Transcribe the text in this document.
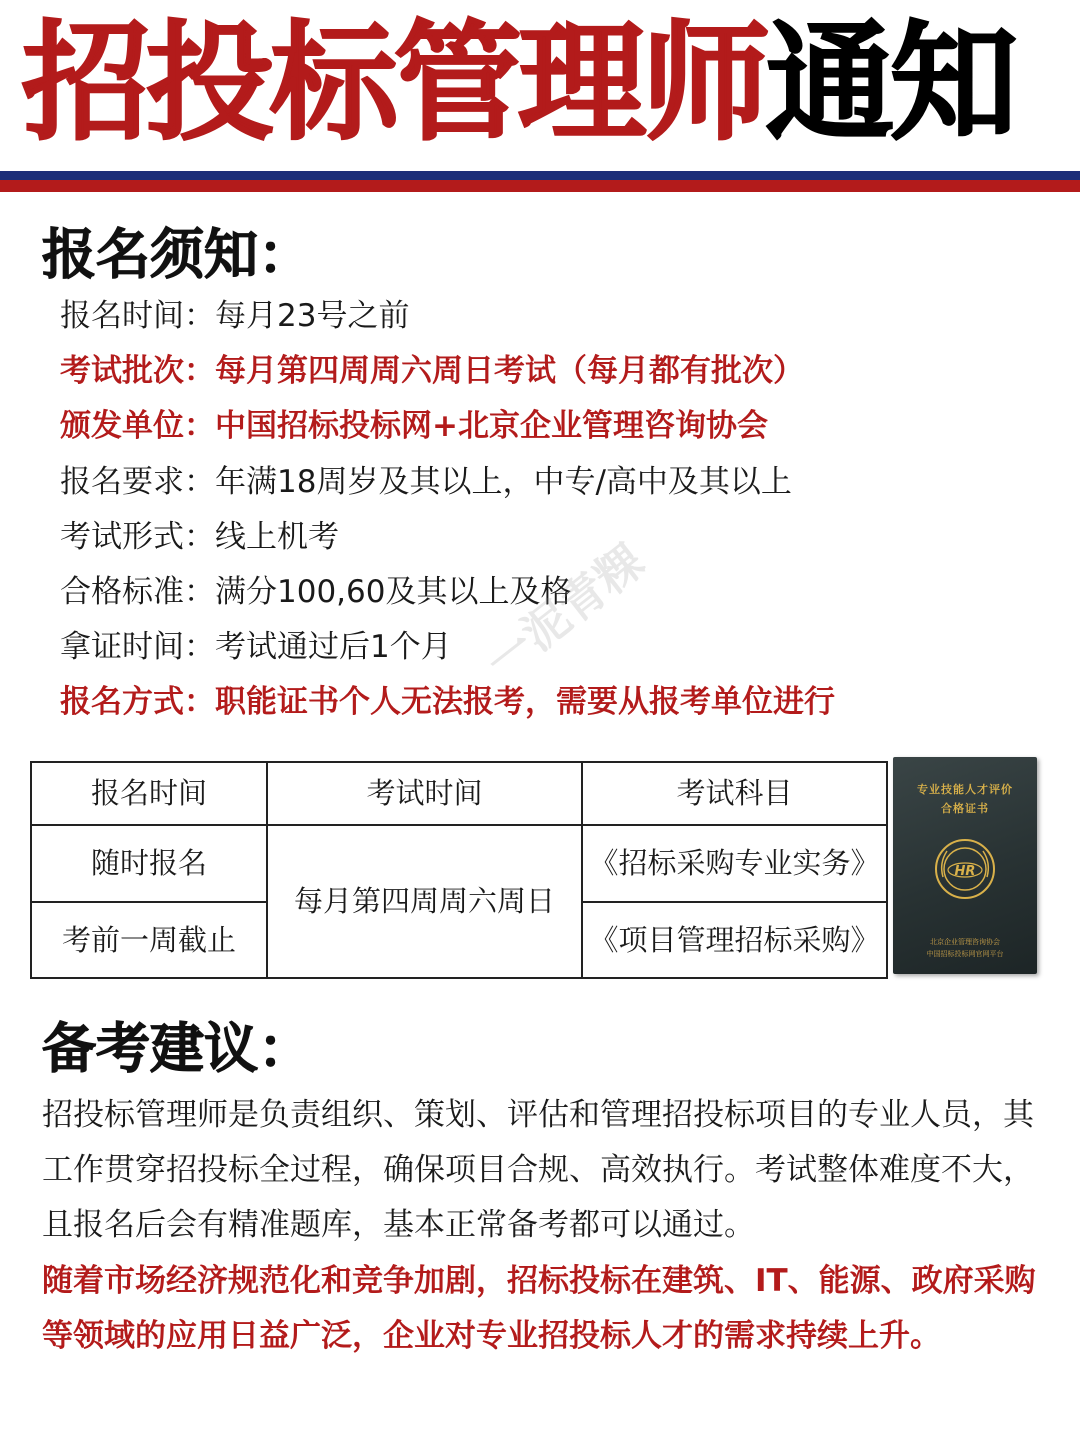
招投标管理师通知
报名须知：
报名时间：每月23号之前
考试批次：每月第四周周六周日考试（每月都有批次）
颁发单位：中国招标投标网+北京企业管理咨询协会
报名要求：年满18周岁及其以上，中专/高中及其以上
考试形式：线上机考
合格标准：满分100,60及其以上及格
拿证时间：考试通过后1个月
报名方式：职能证书个人无法报考，需要从报考单位进行
一泥青粿
报名时间	考试时间	考试科目
随时报名	每月第四周周六周日	《招标采购专业实务》
考前一周截止		《项目管理招标采购》
专业技能人才评价
合格证书
HR
北京企业管理咨询协会
中国招标投标网官网平台
备考建议：
招投标管理师是负责组织、策划、评估和管理招投标项目的专业人员，其工作贯穿招投标全过程，确保项目合规、高效执行。考试整体难度不大，且报名后会有精准题库，基本正常备考都可以通过。
随着市场经济规范化和竞争加剧，招标投标在建筑、IT、能源、政府采购等领域的应用日益广泛，企业对专业招投标人才的需求持续上升。
